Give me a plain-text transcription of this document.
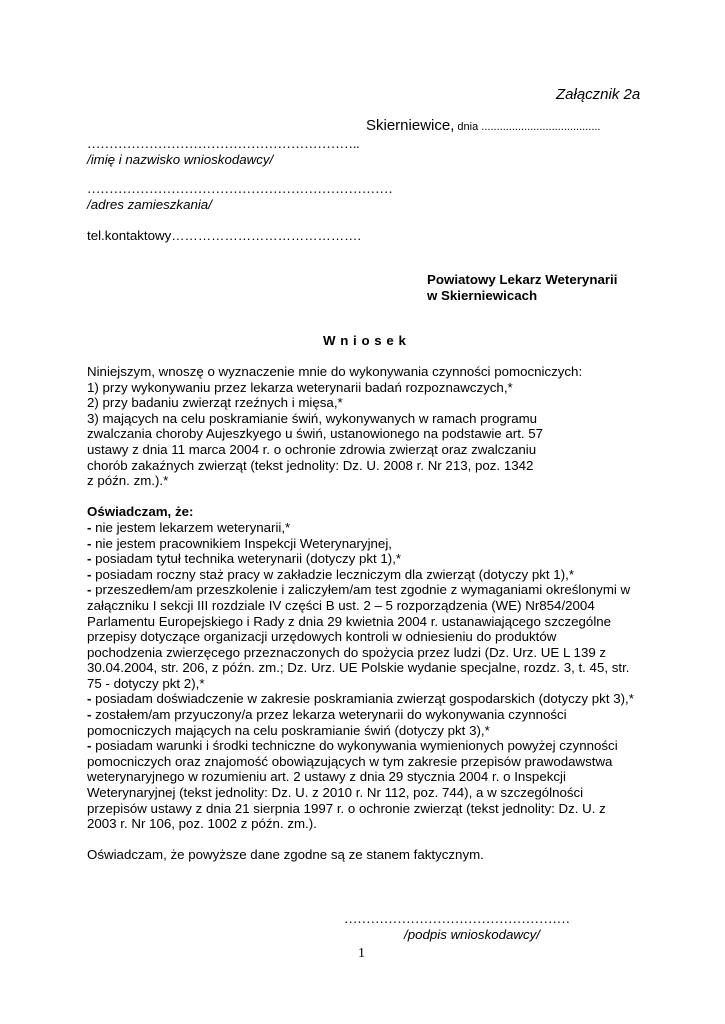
Załącznik 2a
Skierniewice, dnia .......................................
……………………………………………………..
/imię i nazwisko wnioskodawcy/
……………………………………………………………
/adres zamieszkania/
tel.kontaktowy…………………………………….
Powiatowy Lekarz Weterynarii
w Skierniewicach
W n i o s e k
Niniejszym, wnoszę o wyznaczenie mnie do wykonywania czynności pomocniczych:
1) przy wykonywaniu przez lekarza weterynarii badań rozpoznawczych,*
2) przy badaniu zwierząt rzeźnych i mięsa,*
3) mających na celu poskramianie świń, wykonywanych w ramach programu
zwalczania choroby Aujeszkyego u świń, ustanowionego na podstawie art. 57
ustawy z dnia 11 marca 2004 r. o ochronie zdrowia zwierząt oraz zwalczaniu
chorób zakaźnych zwierząt (tekst jednolity: Dz. U. 2008 r. Nr 213, poz. 1342
z późn. zm.).*
Oświadczam, że:
- nie jestem lekarzem weterynarii,*
- nie jestem pracownikiem Inspekcji Weterynaryjnej,
- posiadam tytuł technika weterynarii (dotyczy pkt 1),*
- posiadam roczny staż pracy w zakładzie leczniczym dla zwierząt (dotyczy pkt 1),*
- przeszedłem/am przeszkolenie i zaliczyłem/am test zgodnie z wymaganiami określonymi w
załączniku I sekcji III rozdziale IV części B ust. 2 – 5 rozporządzenia (WE) Nr854/2004
Parlamentu Europejskiego i Rady z dnia 29 kwietnia 2004 r. ustanawiającego szczególne
przepisy dotyczące organizacji urzędowych kontroli w odniesieniu do produktów
pochodzenia zwierzęcego przeznaczonych do spożycia przez ludzi (Dz. Urz. UE L 139 z
30.04.2004, str. 206, z późn. zm.; Dz. Urz. UE Polskie wydanie specjalne, rozdz. 3, t. 45, str.
75 - dotyczy pkt 2),*
- posiadam doświadczenie w zakresie poskramiania zwierząt gospodarskich (dotyczy pkt 3),*
- zostałem/am przyuczony/a przez lekarza weterynarii do wykonywania czynności
pomocniczych mających na celu poskramianie świń (dotyczy pkt 3),*
- posiadam warunki i środki techniczne do wykonywania wymienionych powyżej czynności
pomocniczych oraz znajomość obowiązujących w tym zakresie przepisów prawodawstwa
weterynaryjnego w rozumieniu art. 2 ustawy z dnia 29 stycznia 2004 r. o Inspekcji
Weterynaryjnej (tekst jednolity: Dz. U. z 2010 r. Nr 112, poz. 744), a w szczególności
przepisów ustawy z dnia 21 sierpnia 1997 r. o ochronie zwierząt (tekst jednolity: Dz. U. z
2003 r. Nr 106, poz. 1002 z późn. zm.).
Oświadczam, że powyższe dane zgodne są ze stanem faktycznym.
……………………………………………
/podpis wnioskodawcy/
1
